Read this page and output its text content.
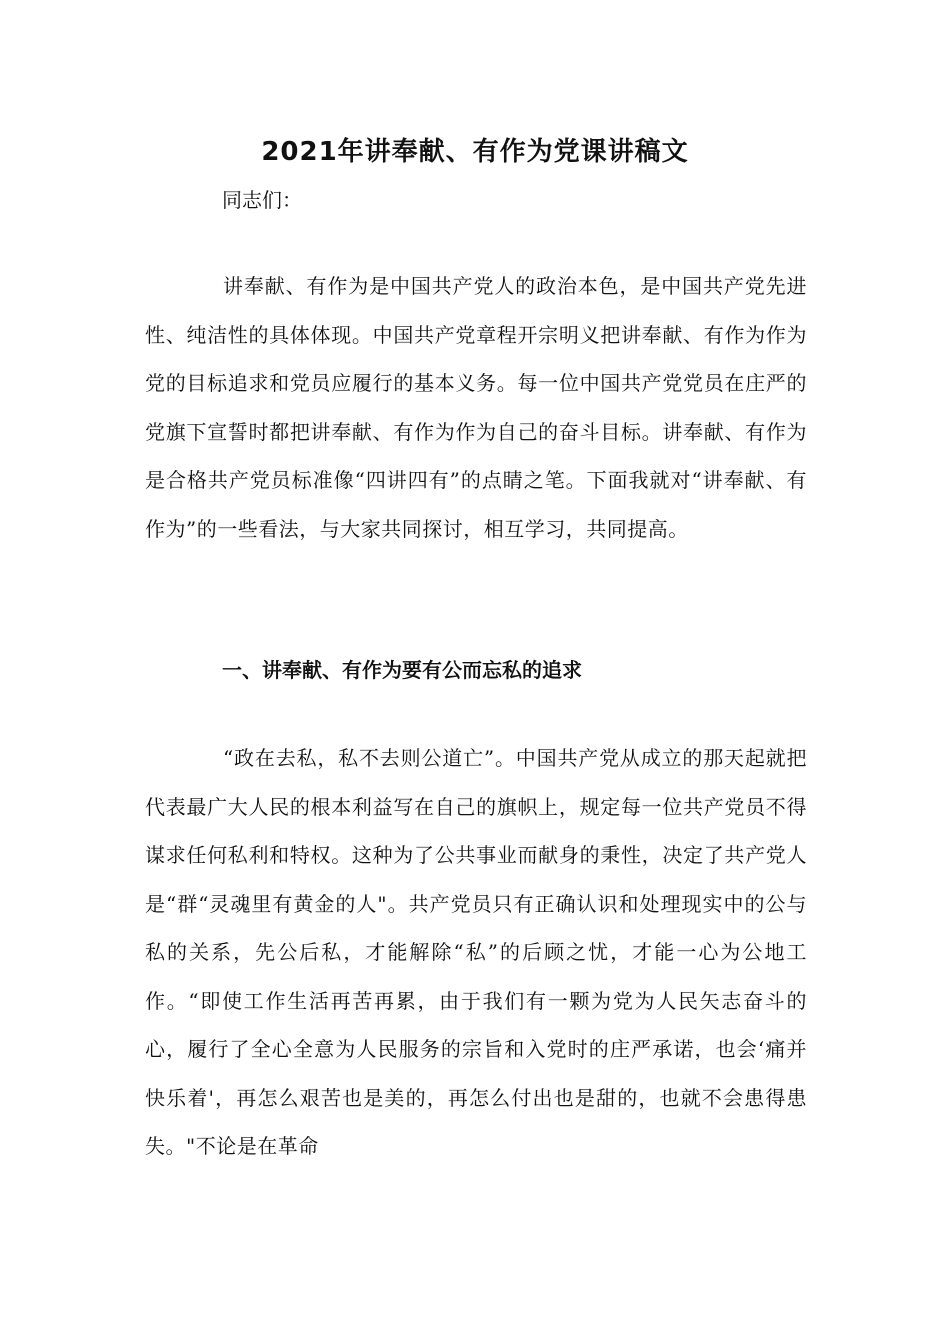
2021年讲奉献、有作为党课讲稿文

同志们：

讲奉献、有作为是中国共产党人的政治本色，是中国共产党先进性、纯洁性的具体体现。中国共产党章程开宗明义把讲奉献、有作为作为党的目标追求和党员应履行的基本义务。每一位中国共产党党员在庄严的党旗下宣誓时都把讲奉献、有作为作为自己的奋斗目标。讲奉献、有作为是合格共产党员标准像“四讲四有”的点睛之笔。下面我就对“讲奉献、有作为”的一些看法，与大家共同探讨，相互学习，共同提高。

一、讲奉献、有作为要有公而忘私的追求

“政在去私，私不去则公道亡”。中国共产党从成立的那天起就把代表最广大人民的根本利益写在自己的旗帜上，规定每一位共产党员不得谋求任何私利和特权。这种为了公共事业而献身的秉性，决定了共产党人是“群“灵魂里有黄金的人"。共产党员只有正确认识和处理现实中的公与私的关系，先公后私，才能解除“私”的后顾之忧，才能一心为公地工作。“即使工作生活再苦再累，由于我们有一颗为党为人民矢志奋斗的心，履行了全心全意为人民服务的宗旨和入党时的庄严承诺，也会‘痛并快乐着'，再怎么艰苦也是美的，再怎么付出也是甜的，也就不会患得患失。"不论是在革命
